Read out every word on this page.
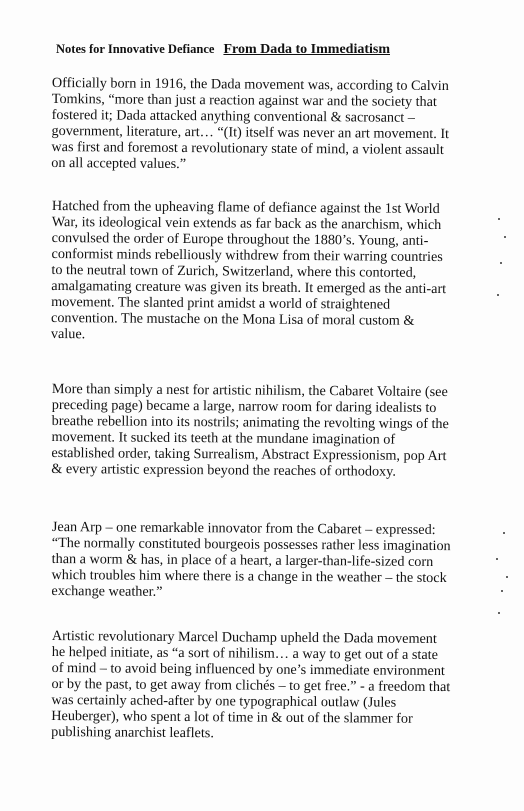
Notes for Innovative Defiance From Dada to Immediatism

Officially born in 1916, the Dada movement was, according to Calvin Tomkins, “more than just a reaction against war and the society that fostered it; Dada attacked anything conventional & sacrosanct – government, literature, art… “(It) itself was never an art movement. It was first and foremost a revolutionary state of mind, a violent assault on all accepted values.”

Hatched from the upheaving flame of defiance against the 1st World War, its ideological vein extends as far back as the anarchism, which convulsed the order of Europe throughout the 1880’s. Young, anti-conformist minds rebelliously withdrew from their warring countries to the neutral town of Zurich, Switzerland, where this contorted, amalgamating creature was given its breath. It emerged as the anti-art movement. The slanted print amidst a world of straightened convention. The mustache on the Mona Lisa of moral custom & value.

More than simply a nest for artistic nihilism, the Cabaret Voltaire (see preceding page) became a large, narrow room for daring idealists to breathe rebellion into its nostrils; animating the revolting wings of the movement. It sucked its teeth at the mundane imagination of established order, taking Surrealism, Abstract Expressionism, pop Art & every artistic expression beyond the reaches of orthodoxy.

Jean Arp – one remarkable innovator from the Cabaret – expressed: “The normally constituted bourgeois possesses rather less imagination than a worm & has, in place of a heart, a larger-than-life-sized corn which troubles him where there is a change in the weather – the stock exchange weather.”

Artistic revolutionary Marcel Duchamp upheld the Dada movement he helped initiate, as “a sort of nihilism… a way to get out of a state of mind – to avoid being influenced by one’s immediate environment or by the past, to get away from clichés – to get free.” - a freedom that was certainly ached-after by one typographical outlaw (Jules Heuberger), who spent a lot of time in & out of the slammer for publishing anarchist leaflets.
